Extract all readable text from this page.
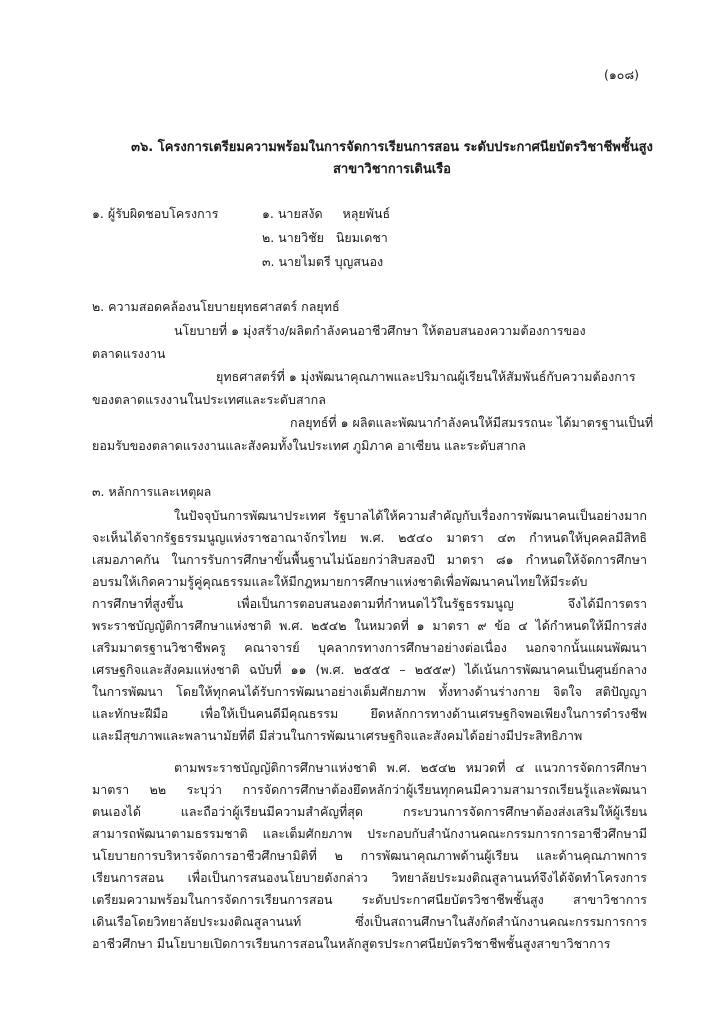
(๑๐๘)
๓๖. โครงการเตรียมความพร้อมในการจัดการเรียนการสอน ระดับประกาศนียบัตรวิชาชีพชั้นสูง
สาขาวิชาการเดินเรือ
๑. ผู้รับผิดชอบโครงการ	๑. นายสงัด     หลุยพันธ์
๒. นายวิชัย   นิยมเดชา
๓. นายไมตรี บุญสนอง
๒. ความสอดคล้องนโยบายยุทธศาสตร์ กลยุทธ์
นโยบายที่ ๑ มุ่งสร้าง/ผลิตกำลังคนอาชีวศึกษา ให้ตอบสนองความต้องการของ
ตลาดแรงงาน
ยุทธศาสตร์ที่ ๑ มุ่งพัฒนาคุณภาพและปริมาณผู้เรียนให้สัมพันธ์กับความต้องการ
ของตลาดแรงงานในประเทศและระดับสากล
กลยุทธ์ที่ ๑ ผลิตและพัฒนากำลังคนให้มีสมรรถนะ ได้มาตรฐานเป็นที่
ยอมรับของตลาดแรงงานและสังคมทั้งในประเทศ ภูมิภาค อาเซียน และระดับสากล
๓. หลักการและเหตุผล
ในปัจจุบันการพัฒนาประเทศ รัฐบาลได้ให้ความสำคัญกับเรื่องการพัฒนาคนเป็นอย่างมาก
จะเห็นได้จากรัฐธรรมนูญแห่งราชอาณาจักรไทย พ.ศ. ๒๕๔๐ มาตรา ๔๓ กำหนดให้บุคคลมีสิทธิ
เสมอภาคกัน ในการรับการศึกษาขั้นพื้นฐานไม่น้อยกว่าสิบสองปี มาตรา ๘๑ กำหนดให้จัดการศึกษา
อบรมให้เกิดความรู้คู่คุณธรรมและให้มีกฎหมายการศึกษาแห่งชาติเพื่อพัฒนาคนไทยให้มีระดับ
การศึกษาที่สูงขึ้น เพื่อเป็นการตอบสนองตามที่กำหนดไว้ในรัฐธรรมนูญ จึงได้มีการตรา
พระราชบัญญัติการศึกษาแห่งชาติ พ.ศ. ๒๕๔๒ ในหมวดที่ ๑ มาตรา ๙ ข้อ ๔ ได้กำหนดให้มีการส่ง
เสริมมาตรฐานวิชาชีพครู คณาจารย์ บุคลากรทางการศึกษาอย่างต่อเนื่อง นอกจากนั้นแผนพัฒนา
เศรษฐกิจและสังคมแห่งชาติ ฉบับที่ ๑๑ (พ.ศ. ๒๕๕๕ – ๒๕๕๙) ได้เน้นการพัฒนาคนเป็นศูนย์กลาง
ในการพัฒนา โดยให้ทุกคนได้รับการพัฒนาอย่างเต็มศักยภาพ ทั้งทางด้านร่างกาย จิตใจ สติปัญญา
และทักษะฝีมือ เพื่อให้เป็นคนดีมีคุณธรรม ยึดหลักการทางด้านเศรษฐกิจพอเพียงในการดำรงชีพ
และมีสุขภาพและพลานามัยที่ดี มีส่วนในการพัฒนาเศรษฐกิจและสังคมได้อย่างมีประสิทธิภาพ
ตามพระราชบัญญัติการศึกษาแห่งชาติ พ.ศ. ๒๕๔๒ หมวดที่ ๔ แนวการจัดการศึกษา
มาตรา ๒๒ ระบุว่า การจัดการศึกษาต้องยึดหลักว่าผู้เรียนทุกคนมีความสามารถเรียนรู้และพัฒนา
ตนเองได้ และถือว่าผู้เรียนมีความสำคัญที่สุด กระบวนการจัดการศึกษาต้องส่งเสริมให้ผู้เรียน
สามารถพัฒนาตามธรรมชาติ และเต็มศักยภาพ ประกอบกับสำนักงานคณะกรรมการการอาชีวศึกษามี
นโยบายการบริหารจัดการอาชีวศึกษามิติที่ ๒ การพัฒนาคุณภาพด้านผู้เรียน และด้านคุณภาพการ
เรียนการสอน เพื่อเป็นการสนองนโยบายดังกล่าว วิทยาลัยประมงติณสูลานนท์จึงได้จัดทำโครงการ
เตรียมความพร้อมในการจัดการเรียนการสอน ระดับประกาศนียบัตรวิชาชีพชั้นสูง สาขาวิชาการ
เดินเรือโดยวิทยาลัยประมงติณสูลานนท์ ซึ่งเป็นสถานศึกษาในสังกัดสำนักงานคณะกรรมการการ
อาชีวศึกษา มีนโยบายเปิดการเรียนการสอนในหลักสูตรประกาศนียบัตรวิชาชีพชั้นสูงสาขาวิชาการ
